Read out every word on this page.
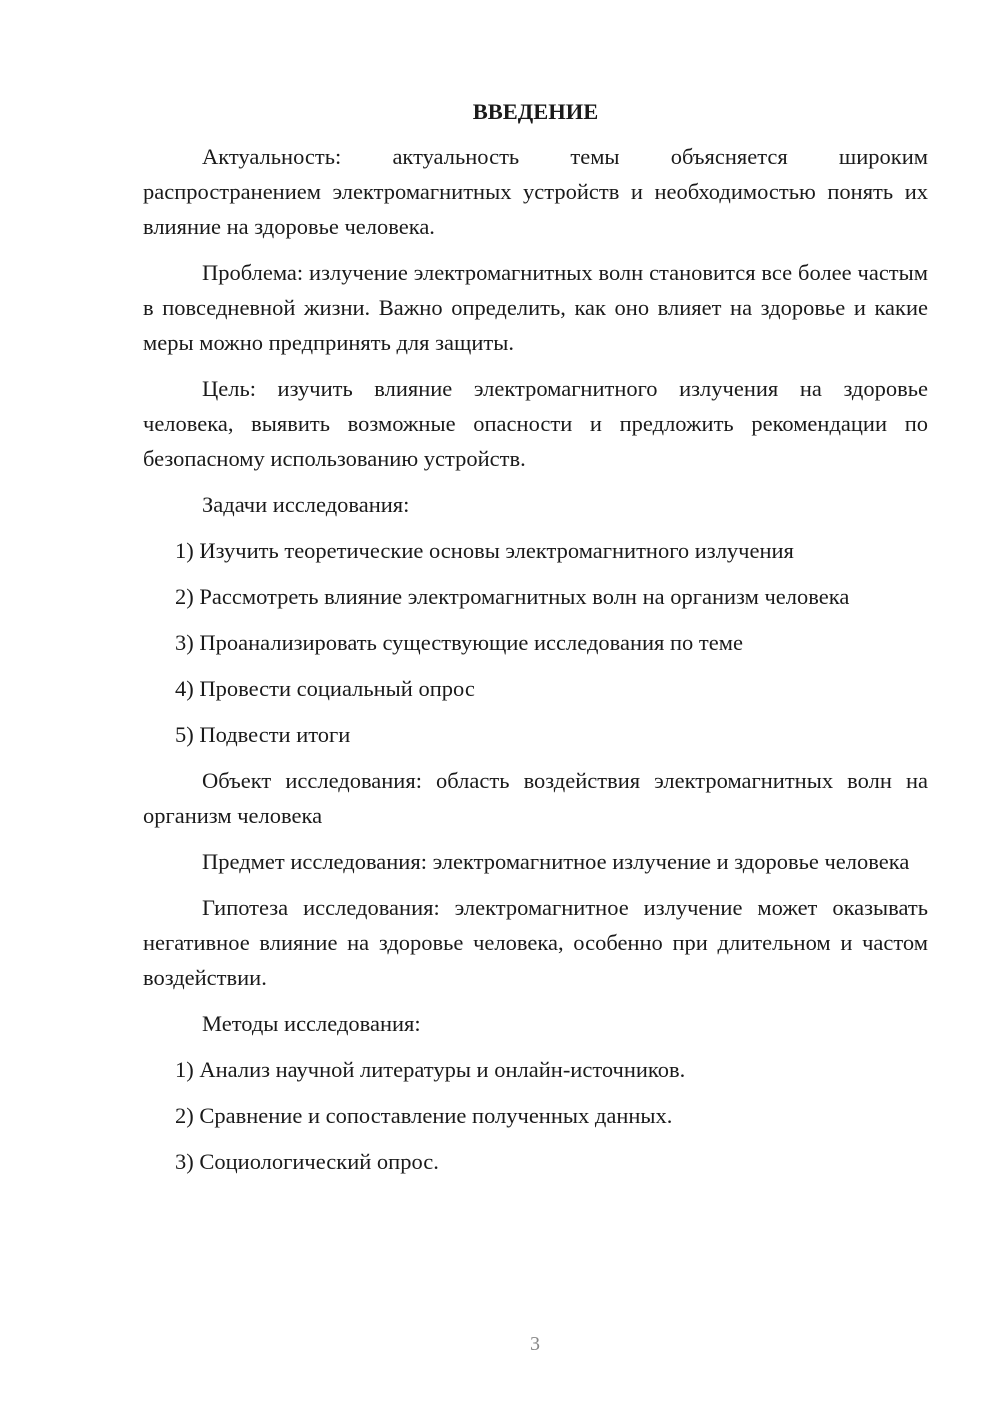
ВВЕДЕНИЕ

Актуальность: актуальность темы объясняется широким распространением электромагнитных устройств и необходимостью понять их влияние на здоровье человека.

Проблема: излучение электромагнитных волн становится все более частым в повседневной жизни. Важно определить, как оно влияет на здоровье и какие меры можно предпринять для защиты.

Цель: изучить влияние электромагнитного излучения на здоровье человека, выявить возможные опасности и предложить рекомендации по безопасному использованию устройств.

Задачи исследования:

1 ) Изучить теоретические основы электромагнитного излучения
2 ) Рассмотреть влияние электромагнитных волн на организм человека
3 ) Проанализировать существующие исследования по теме
4 ) Провести социальный опрос
5 ) Подвести итоги

Объект исследования: область воздействия электромагнитных волн на организм человека

Предмет исследования: электромагнитное излучение и здоровье человека

Гипотеза исследования: электромагнитное излучение может оказывать негативное влияние на здоровье человека, особенно при длительном и частом воздействии.

Методы исследования:

1 ) Анализ научной литературы и онлайн-источников.
2 ) Сравнение и сопоставление полученных данных.
3 ) Социологический опрос.
3
